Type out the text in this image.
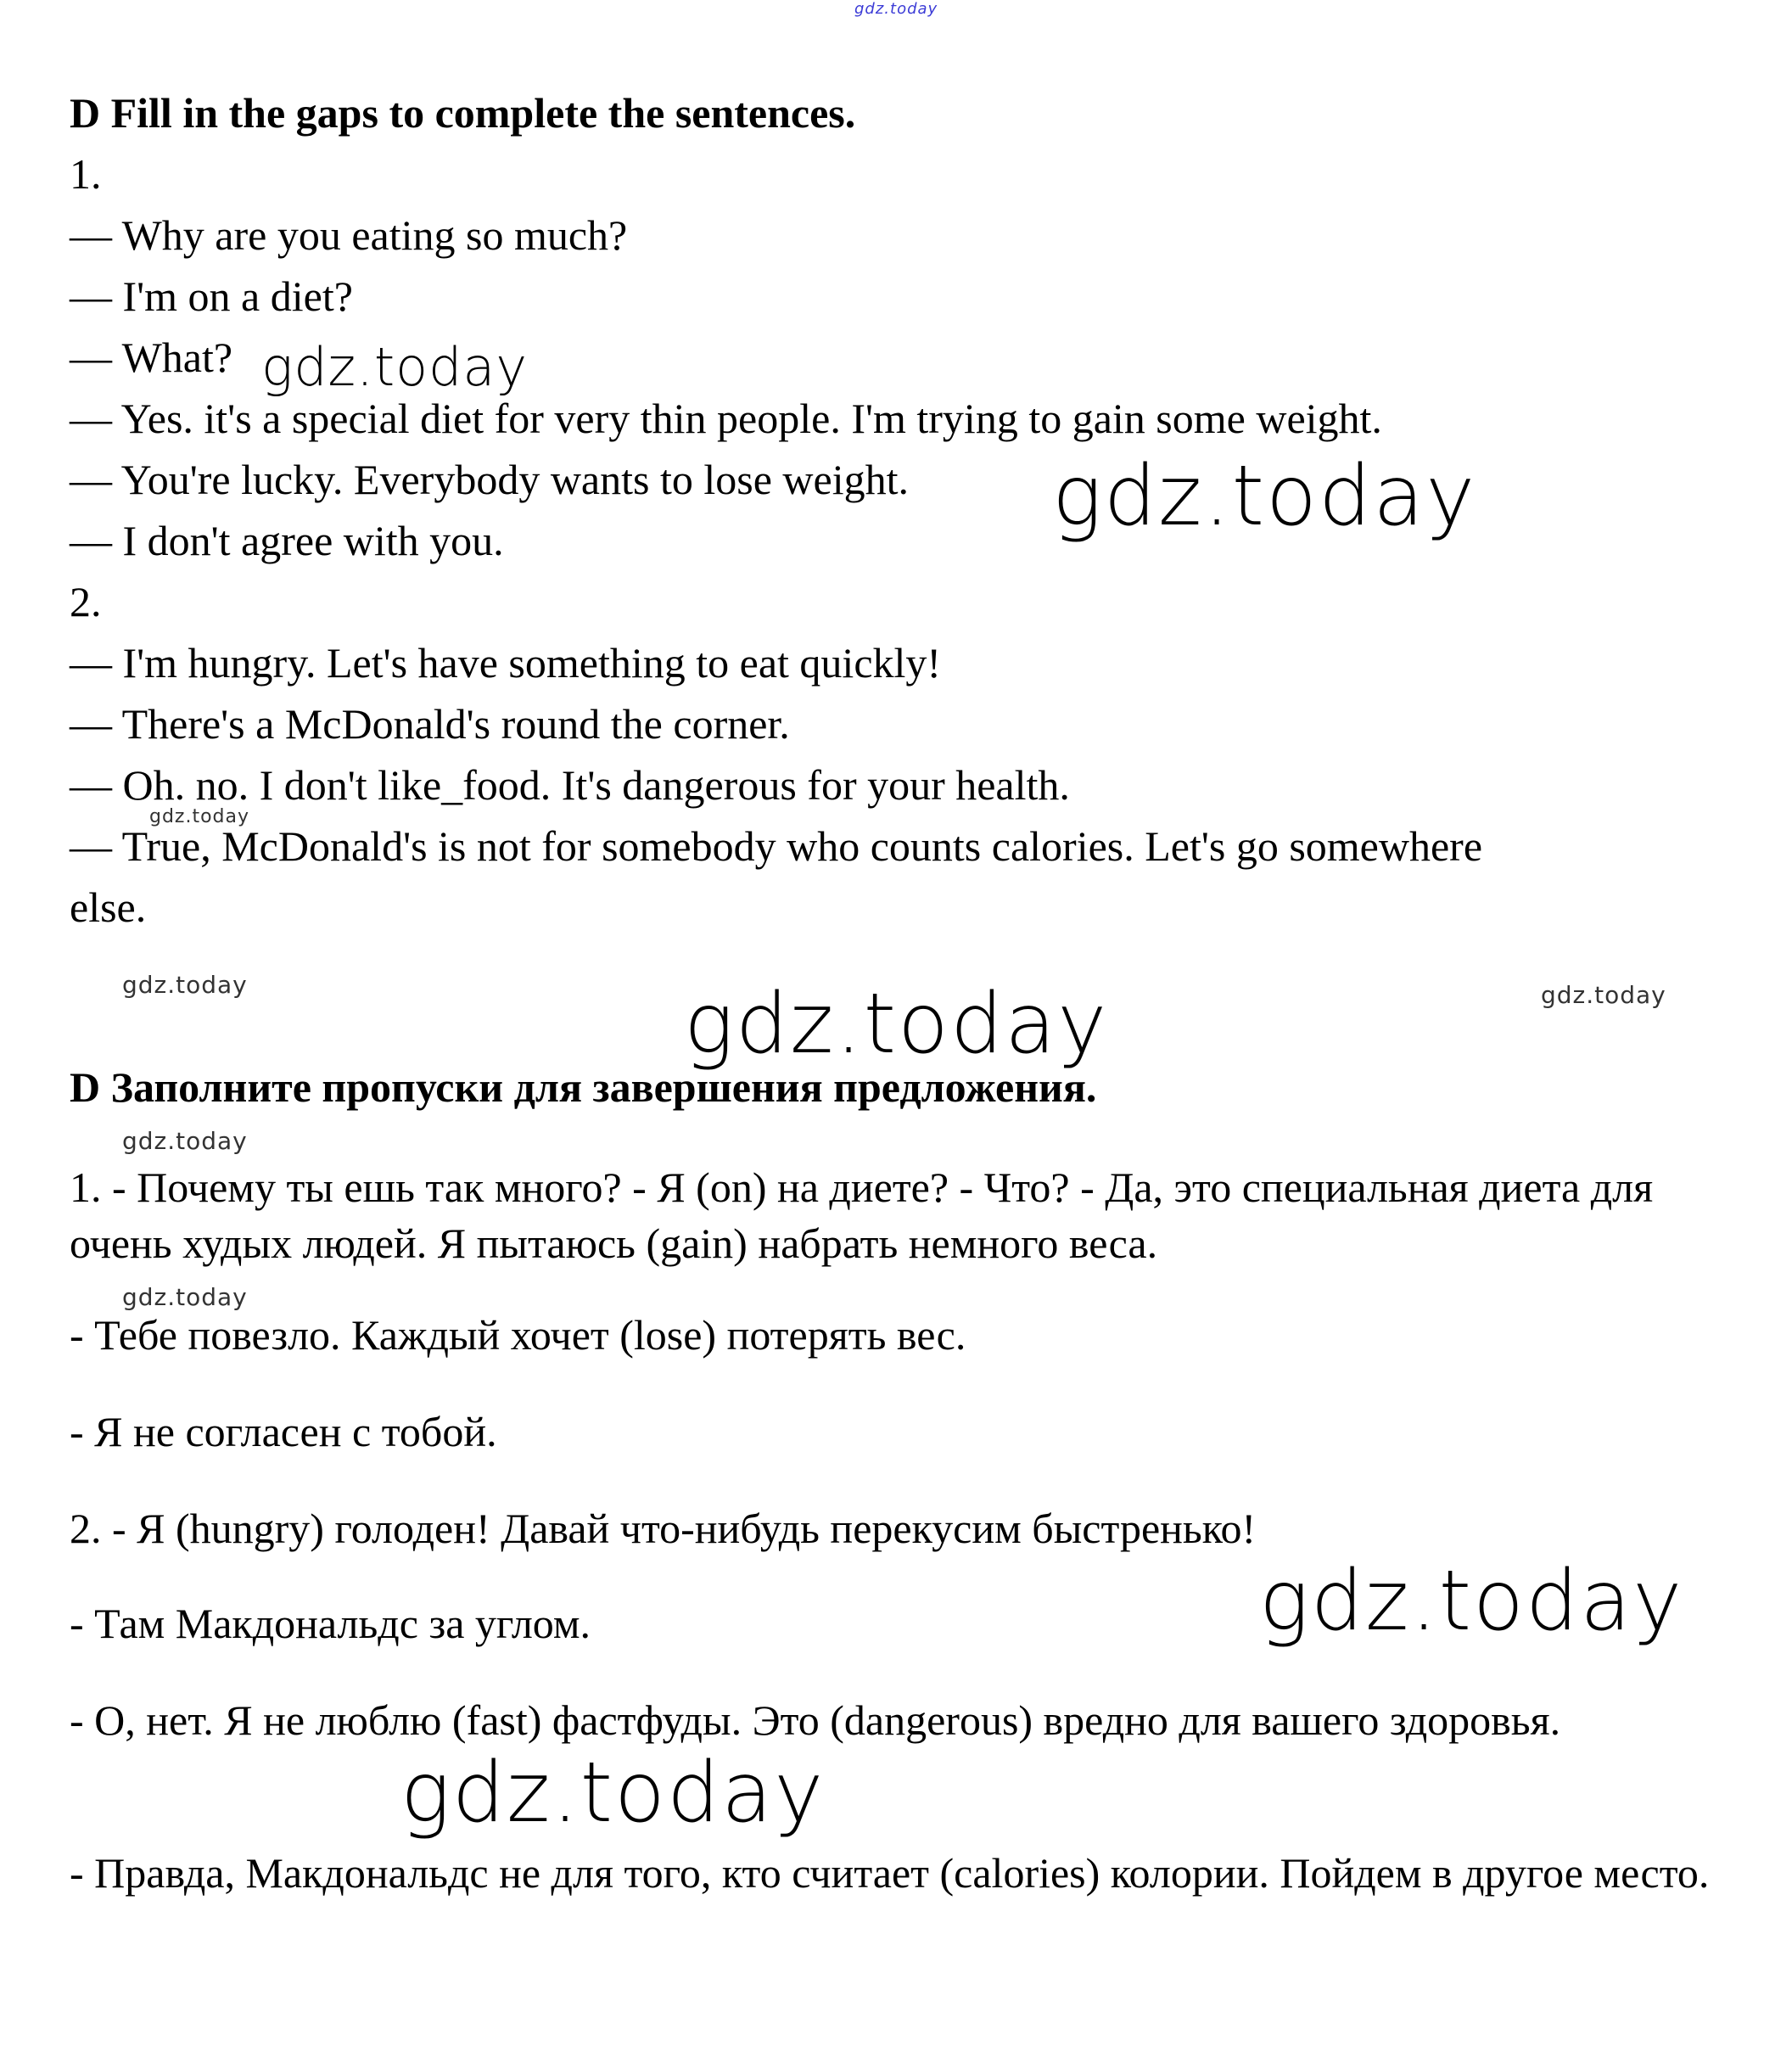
D Fill in the gaps to complete the sentences.
1.
— Why are you eating so much?
— I'm on a diet?
— What?
— Yes. it's a special diet for very thin people. I'm trying to gain some weight.
— You're lucky. Everybody wants to lose weight.
— I don't agree with you.
2.
— I'm hungry. Let's have something to eat quickly!
— There's a McDonald's round the corner.
— Oh. no. I don't like_food. It's dangerous for your health.
— True, McDonald's is not for somebody who counts calories. Let's go somewhere
else.
D Заполните пропуски для завершения предложения.
1. - Почему ты ешь так много? - Я (on) на диете? - Что? - Да, это специальная диета для очень худых людей. Я пытаюсь (gain) набрать немного веса.
- Тебе повезло. Каждый хочет (lose) потерять вес.
- Я не согласен с тобой.
2. - Я (hungry) голоден! Давай что-нибудь перекусим быстренько!
- Там Макдональдс за углом.
- О, нет. Я не люблю (fast) фастфуды. Это (dangerous) вредно для вашего здоровья.
- Правда, Макдональдс не для того, кто считает (calories) колории. Пойдем в другое место.
gdz.today
gdz.today
gdz.today
gdz.today
gdz.today	gdz.today
gdz.today
gdz.today
gdz.today
gdz.today
gdz.today
